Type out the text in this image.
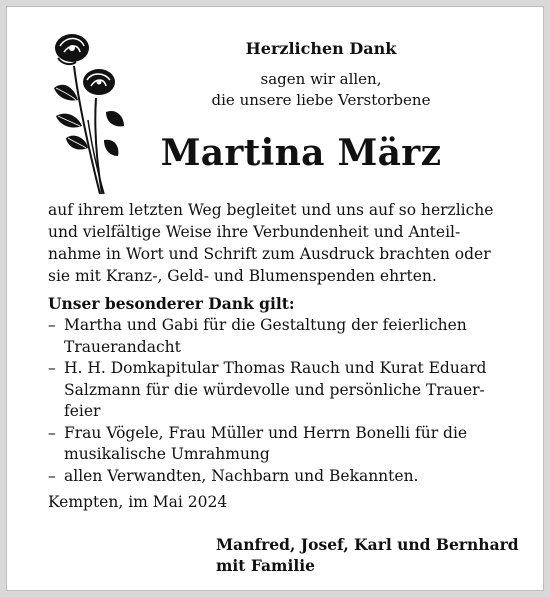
Herzlichen Dank
sagen wir allen,
die unsere liebe Verstorbene
Martina März
auf ihrem letzten Weg begleitet und uns auf so herzliche
und vielfältige Weise ihre Verbundenheit und Anteil-
nahme in Wort und Schrift zum Ausdruck brachten oder
sie mit Kranz-, Geld- und Blumenspenden ehrten.
Unser besonderer Dank gilt:
– Martha und Gabi für die Gestaltung der feierlichen
Trauerandacht
– H. H. Domkapitular Thomas Rauch und Kurat Eduard
Salzmann für die würdevolle und persönliche Trauer-
feier
– Frau Vögele, Frau Müller und Herrn Bonelli für die
musikalische Umrahmung
– allen Verwandten, Nachbarn und Bekannten.
Kempten, im Mai 2024
Manfred, Josef, Karl und Bernhard
mit Familie
